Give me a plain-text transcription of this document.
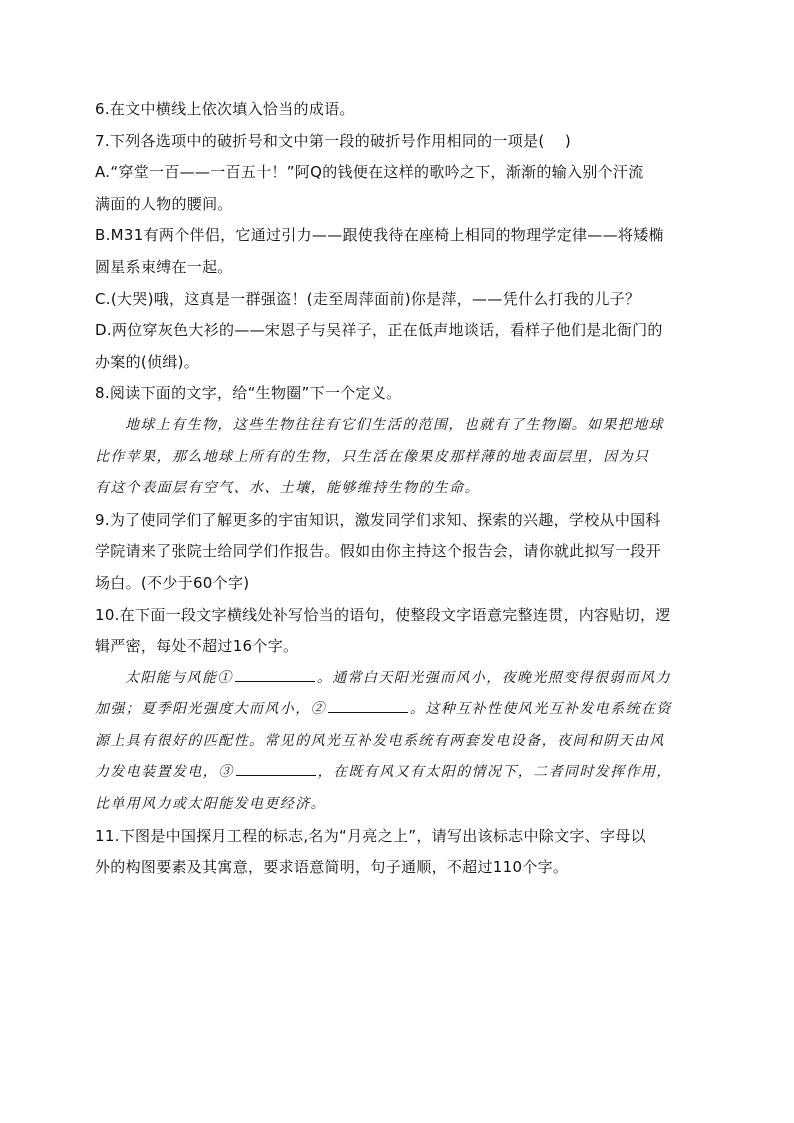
6.在文中横线上依次填入恰当的成语。
7.下列各选项中的破折号和文中第一段的破折号作用相同的一项是(　 )
A.“穿堂一百——一百五十！”阿Q的钱便在这样的歌吟之下，渐渐的输入别个汗流
满面的人物的腰间。
B.M31有两个伴侣，它通过引力——跟使我待在座椅上相同的物理学定律——将矮椭
圆星系束缚在一起。
C.(大哭)哦，这真是一群强盗！(走至周萍面前)你是萍，——凭什么打我的儿子？
D.两位穿灰色大衫的——宋恩子与吴祥子，正在低声地谈话，看样子他们是北衙门的
办案的(侦缉)。
8.阅读下面的文字，给“生物圈”下一个定义。
地球上有生物，这些生物往往有它们生活的范围，也就有了生物圈。如果把地球
比作苹果，那么地球上所有的生物，只生活在像果皮那样薄的地表面层里，因为只
有这个表面层有空气、水、土壤，能够维持生物的生命。
9.为了使同学们了解更多的宇宙知识，激发同学们求知、探索的兴趣，学校从中国科
学院请来了张院士给同学们作报告。假如由你主持这个报告会，请你就此拟写一段开
场白。(不少于60个字)
10.在下面一段文字横线处补写恰当的语句，使整段文字语意完整连贯，内容贴切，逻
辑严密，每处不超过16个字。
太阳能与风能①	。通常白天阳光强而风小，夜晚光照变得很弱而风力
加强；夏季阳光强度大而风小，②	。这种互补性使风光互补发电系统在资
源上具有很好的匹配性。常见的风光互补发电系统有两套发电设备，夜间和阴天由风
力发电装置发电，③	，在既有风又有太阳的情况下，二者同时发挥作用，
比单用风力或太阳能发电更经济。
11.下图是中国探月工程的标志,名为“月亮之上”，请写出该标志中除文字、字母以
外的构图要素及其寓意，要求语意简明，句子通顺，不超过110个字。
